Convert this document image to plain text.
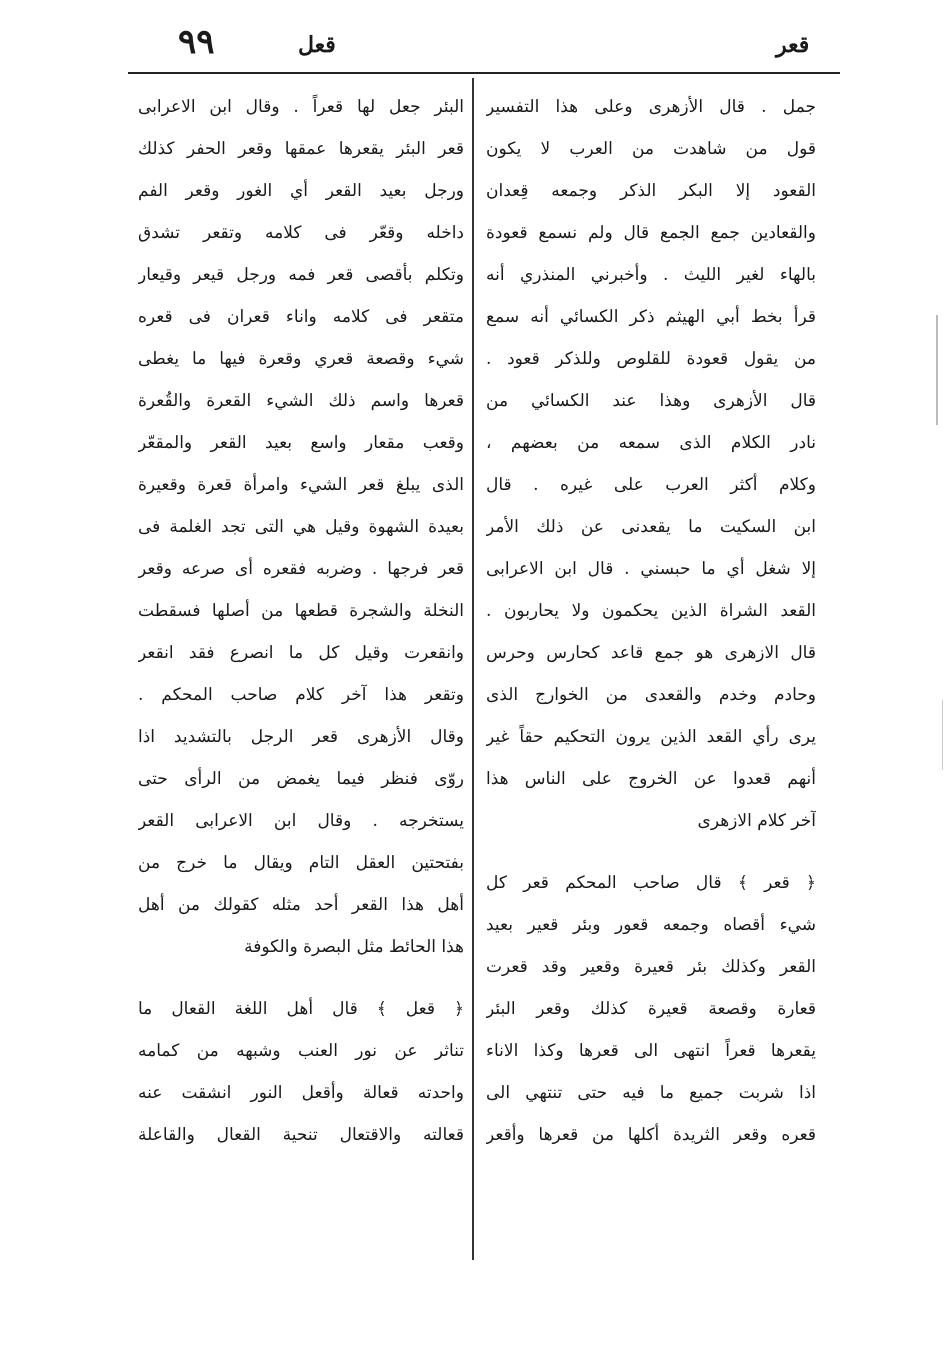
٩٩	قعل	قعر
جمل . قال الأزهرى وعلى هذا التفسير
قول من شاهدت من العرب لا يكون
القعود إلا البكر الذكر وجمعه قِعدان
والقعادين جمع الجمع قال ولم نسمع قعودة
بالهاء لغير الليث . وأخبرني المنذري أنه
قرأ بخط أبي الهيثم ذكر الكسائي أنه سمع
من يقول قعودة للقلوص وللذكر قعود .
قال الأزهرى وهذا عند الكسائي من
نادر الكلام الذى سمعه من بعضهم ،
وكلام أكثر العرب على غيره . قال
ابن السكيت ما يقعدنى عن ذلك الأمر
إلا شغل أي ما حبسني . قال ابن الاعرابى
القعد الشراة الذين يحكمون ولا يحاربون .
قال الازهرى هو جمع قاعد كحارس وحرس
وحادم وخدم والقعدى من الخوارج الذى
يرى رأي القعد الذين يرون التحكيم حقاً غير
أنهم قعدوا عن الخروج على الناس هذا
آخر كلام الازهرى
﴿ قعر ﴾ قال صاحب المحكم قعر كل
شيء أقصاه وجمعه قعور وبئر قعير بعيد
القعر وكذلك بئر قعيرة وقعير وقد قعرت
قعارة وقصعة قعيرة كذلك وقعر البئر
يقعرها قعراً انتهى الى قعرها وكذا الاناء
اذا شربت جميع ما فيه حتى تنتهي الى
قعره وقعر الثريدة أكلها من قعرها وأقعر
البئر جعل لها قعراً . وقال ابن الاعرابى
قعر البئر يقعرها عمقها وقعر الحفر كذلك
ورجل بعيد القعر أي الغور وقعر الفم
داخله وقعّر فى كلامه وتقعر تشدق
وتكلم بأقصى قعر فمه ورجل قيعر وقيعار
متقعر فى كلامه واناء قعران فى قعره
شيء وقصعة قعري وقعرة فيها ما يغطى
قعرها واسم ذلك الشيء القعرة والقُعرة
وقعب مقعار واسع بعيد القعر والمقعّر
الذى يبلغ قعر الشيء وامرأة قعرة وقعيرة
بعيدة الشهوة وقيل هي التى تجد الغلمة فى
قعر فرجها . وضربه فقعره أى صرعه وقعر
النخلة والشجرة قطعها من أصلها فسقطت
وانقعرت وقيل كل ما انصرع فقد انقعر
وتقعر هذا آخر كلام صاحب المحكم .
وقال الأزهرى قعر الرجل بالتشديد اذا
روّى فنظر فيما يغمض من الرأى حتى
يستخرجه . وقال ابن الاعرابى القعر
بفتحتين العقل التام ويقال ما خرج من
أهل هذا القعر أحد مثله كقولك من أهل
هذا الحائط مثل البصرة والكوفة
﴿ قعل ﴾ قال أهل اللغة القعال ما
تناثر عن نور العنب وشبهه من كمامه
واحدته قعالة وأقعل النور انشقت عنه
قعالته والاقتعال تنحية القعال والقاعلة
